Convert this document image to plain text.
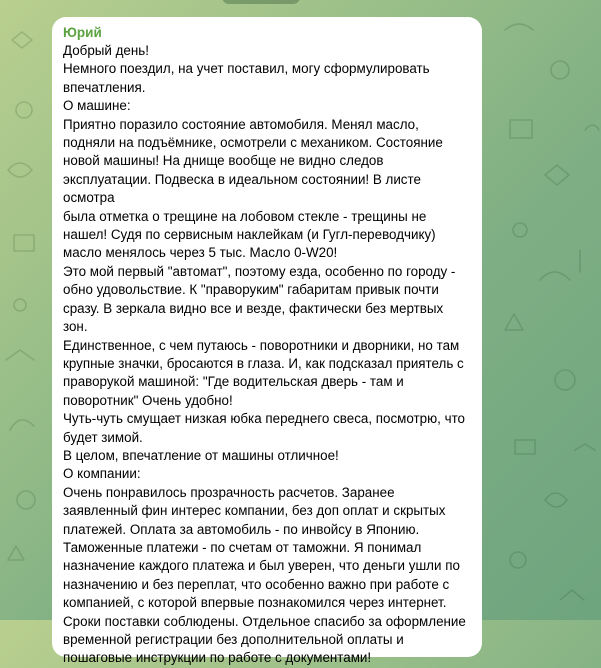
Юрий

Добрый день!
Немного поездил, на учет поставил, могу сформулировать
впечатления.
О машине:
Приятно поразило состояние автомобиля. Менял масло,
подняли на подъёмнике, осмотрели с механиком. Состояние
новой машины! На днище вообще не видно следов
эксплуатации. Подвеска в идеальном состоянии! В листе осмотра
была отметка о трещине на лобовом стекле - трещины не
нашел! Судя по сервисным наклейкам (и Гугл-переводчику)
масло менялось через 5 тыс. Масло 0-W20!
Это мой первый "автомат", поэтому езда, особенно по городу -
обно удовольствие. К "праворуким" габаритам привык почти
сразу. В зеркала видно все и везде, фактически без мертвых зон.
Единственное, с чем путаюсь - поворотники и дворники, но там
крупные значки, бросаются в глаза. И, как подсказал приятель с
праворукой машиной: "Где водительская дверь - там и
поворотник" Очень удобно!
Чуть-чуть смущает низкая юбка переднего свеса, посмотрю, что
будет зимой.
В целом, впечатление от машины отличное!
О компании:
Очень понравилось прозрачность расчетов. Заранее
заявленный фин интерес компании, без доп оплат и скрытых
платежей. Оплата за автомобиль - по инвойсу в Японию.
Таможенные платежи - по счетам от таможни. Я понимал
назначение каждого платежа и был уверен, что деньги ушли по
назначению и без переплат, что особенно важно при работе с
компанией, с которой впервые познакомился через интернет.
Сроки поставки соблюдены. Отдельное спасибо за оформление
временной регистрации без дополнительной оплаты и
пошаговые инструкции по работе с документами!
